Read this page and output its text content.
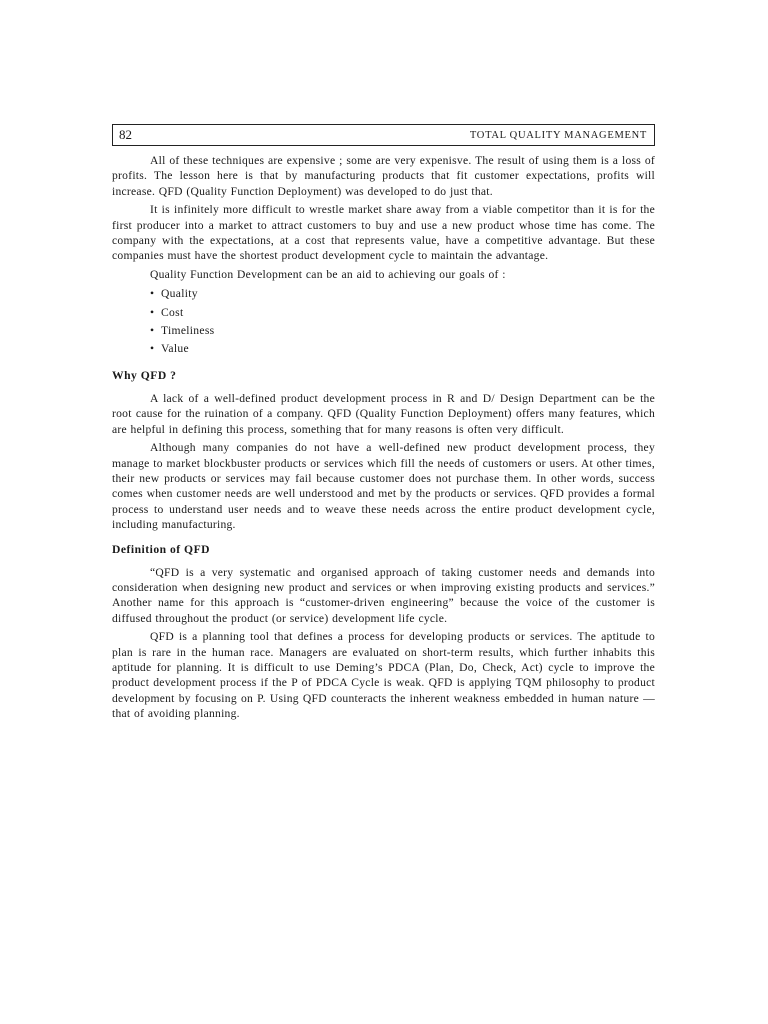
82	TOTAL QUALITY MANAGEMENT

All of these techniques are expensive ; some are very expenisve. The result of using them is a loss of profits. The lesson here is that by manufacturing products that fit customer expectations, profits will increase. QFD (Quality Function Deployment) was developed to do just that.

It is infinitely more difficult to wrestle market share away from a viable competitor than it is for the first producer into a market to attract customers to buy and use a new product whose time has come. The company with the expectations, at a cost that represents value, have a competitive advantage. But these companies must have the shortest product development cycle to maintain the advantage.

Quality Function Development can be an aid to achieving our goals of :

• Quality
• Cost
• Timeliness
• Value
Why QFD ?

A lack of a well-defined product development process in R and D/ Design Department can be the root cause for the ruination of a company. QFD (Quality Function Deployment) offers many features, which are helpful in defining this process, something that for many reasons is often very difficult.

Although many companies do not have a well-defined new product development process, they manage to market blockbuster products or services which fill the needs of customers or users. At other times, their new products or services may fail because customer does not purchase them. In other words, success comes when customer needs are well understood and met by the products or services. QFD provides a formal process to understand user needs and to weave these needs across the entire product development cycle, including manufacturing.

Definition of QFD

“QFD is a very systematic and organised approach of taking customer needs and demands into consideration when designing new product and services or when improving existing products and services.” Another name for this approach is “customer-driven engineering” because the voice of the customer is diffused throughout the product (or service) development life cycle.

QFD is a planning tool that defines a process for developing products or services. The aptitude to plan is rare in the human race. Managers are evaluated on short-term results, which further inhabits this aptitude for planning. It is difficult to use Deming’s PDCA (Plan, Do, Check, Act) cycle to improve the product development process if the P of PDCA Cycle is weak. QFD is applying TQM philosophy to product development by focusing on P. Using QFD counteracts the inherent weakness embedded in human nature — that of avoiding planning.
